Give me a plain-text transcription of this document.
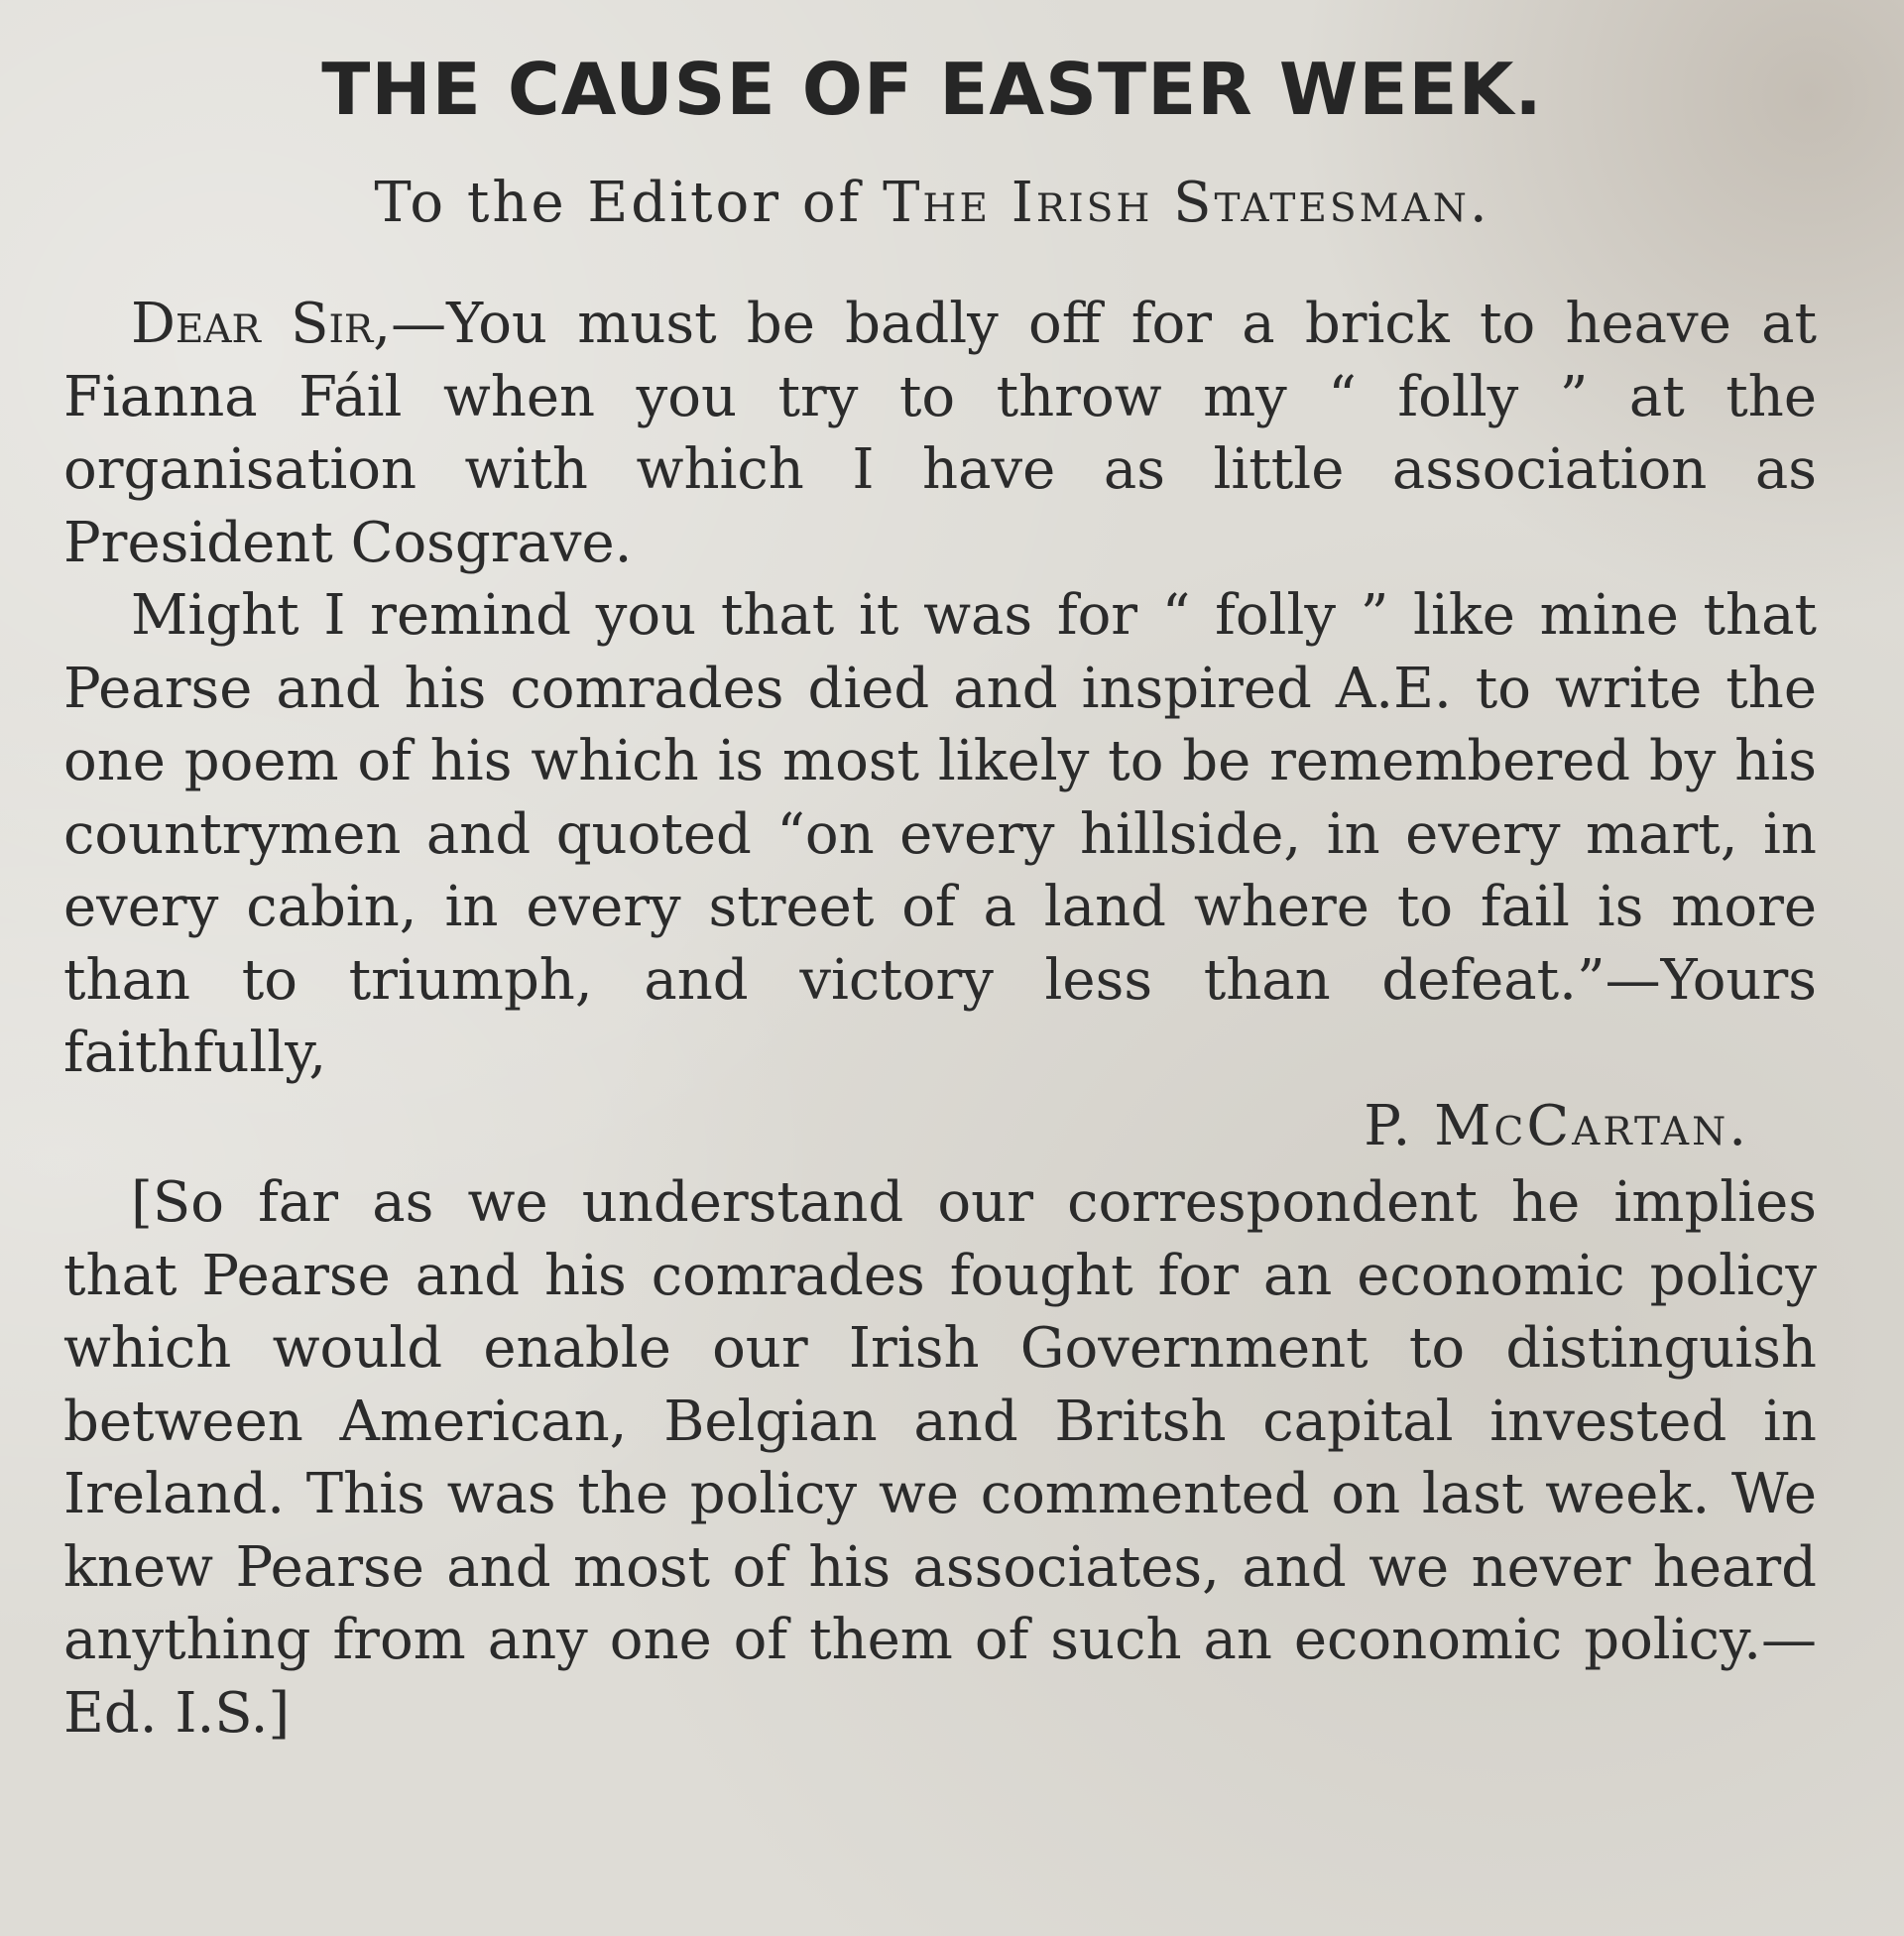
THE CAUSE OF EASTER WEEK.
To the Editor of The Irish Statesman.

Dear Sir,—You must be badly off for a brick to heave at Fianna Fáil when you try to throw my “ folly ” at the organisation with which I have as little association as President Cosgrave.

Might I remind you that it was for “ folly ” like mine that Pearse and his comrades died and inspired A.E. to write the one poem of his which is most likely to be remembered by his countrymen and quoted “on every hillside, in every mart, in every cabin, in every street of a land where to fail is more than to triumph, and victory less than defeat.”—Yours faithfully,

P. McCartan.

[So far as we understand our correspondent he implies that Pearse and his comrades fought for an economic policy which would enable our Irish Government to distinguish between American, Belgian and Britsh capital invested in Ireland. This was the policy we commented on last week. We knew Pearse and most of his associates, and we never heard anything from any one of them of such an economic policy.—Ed. I.S.]
